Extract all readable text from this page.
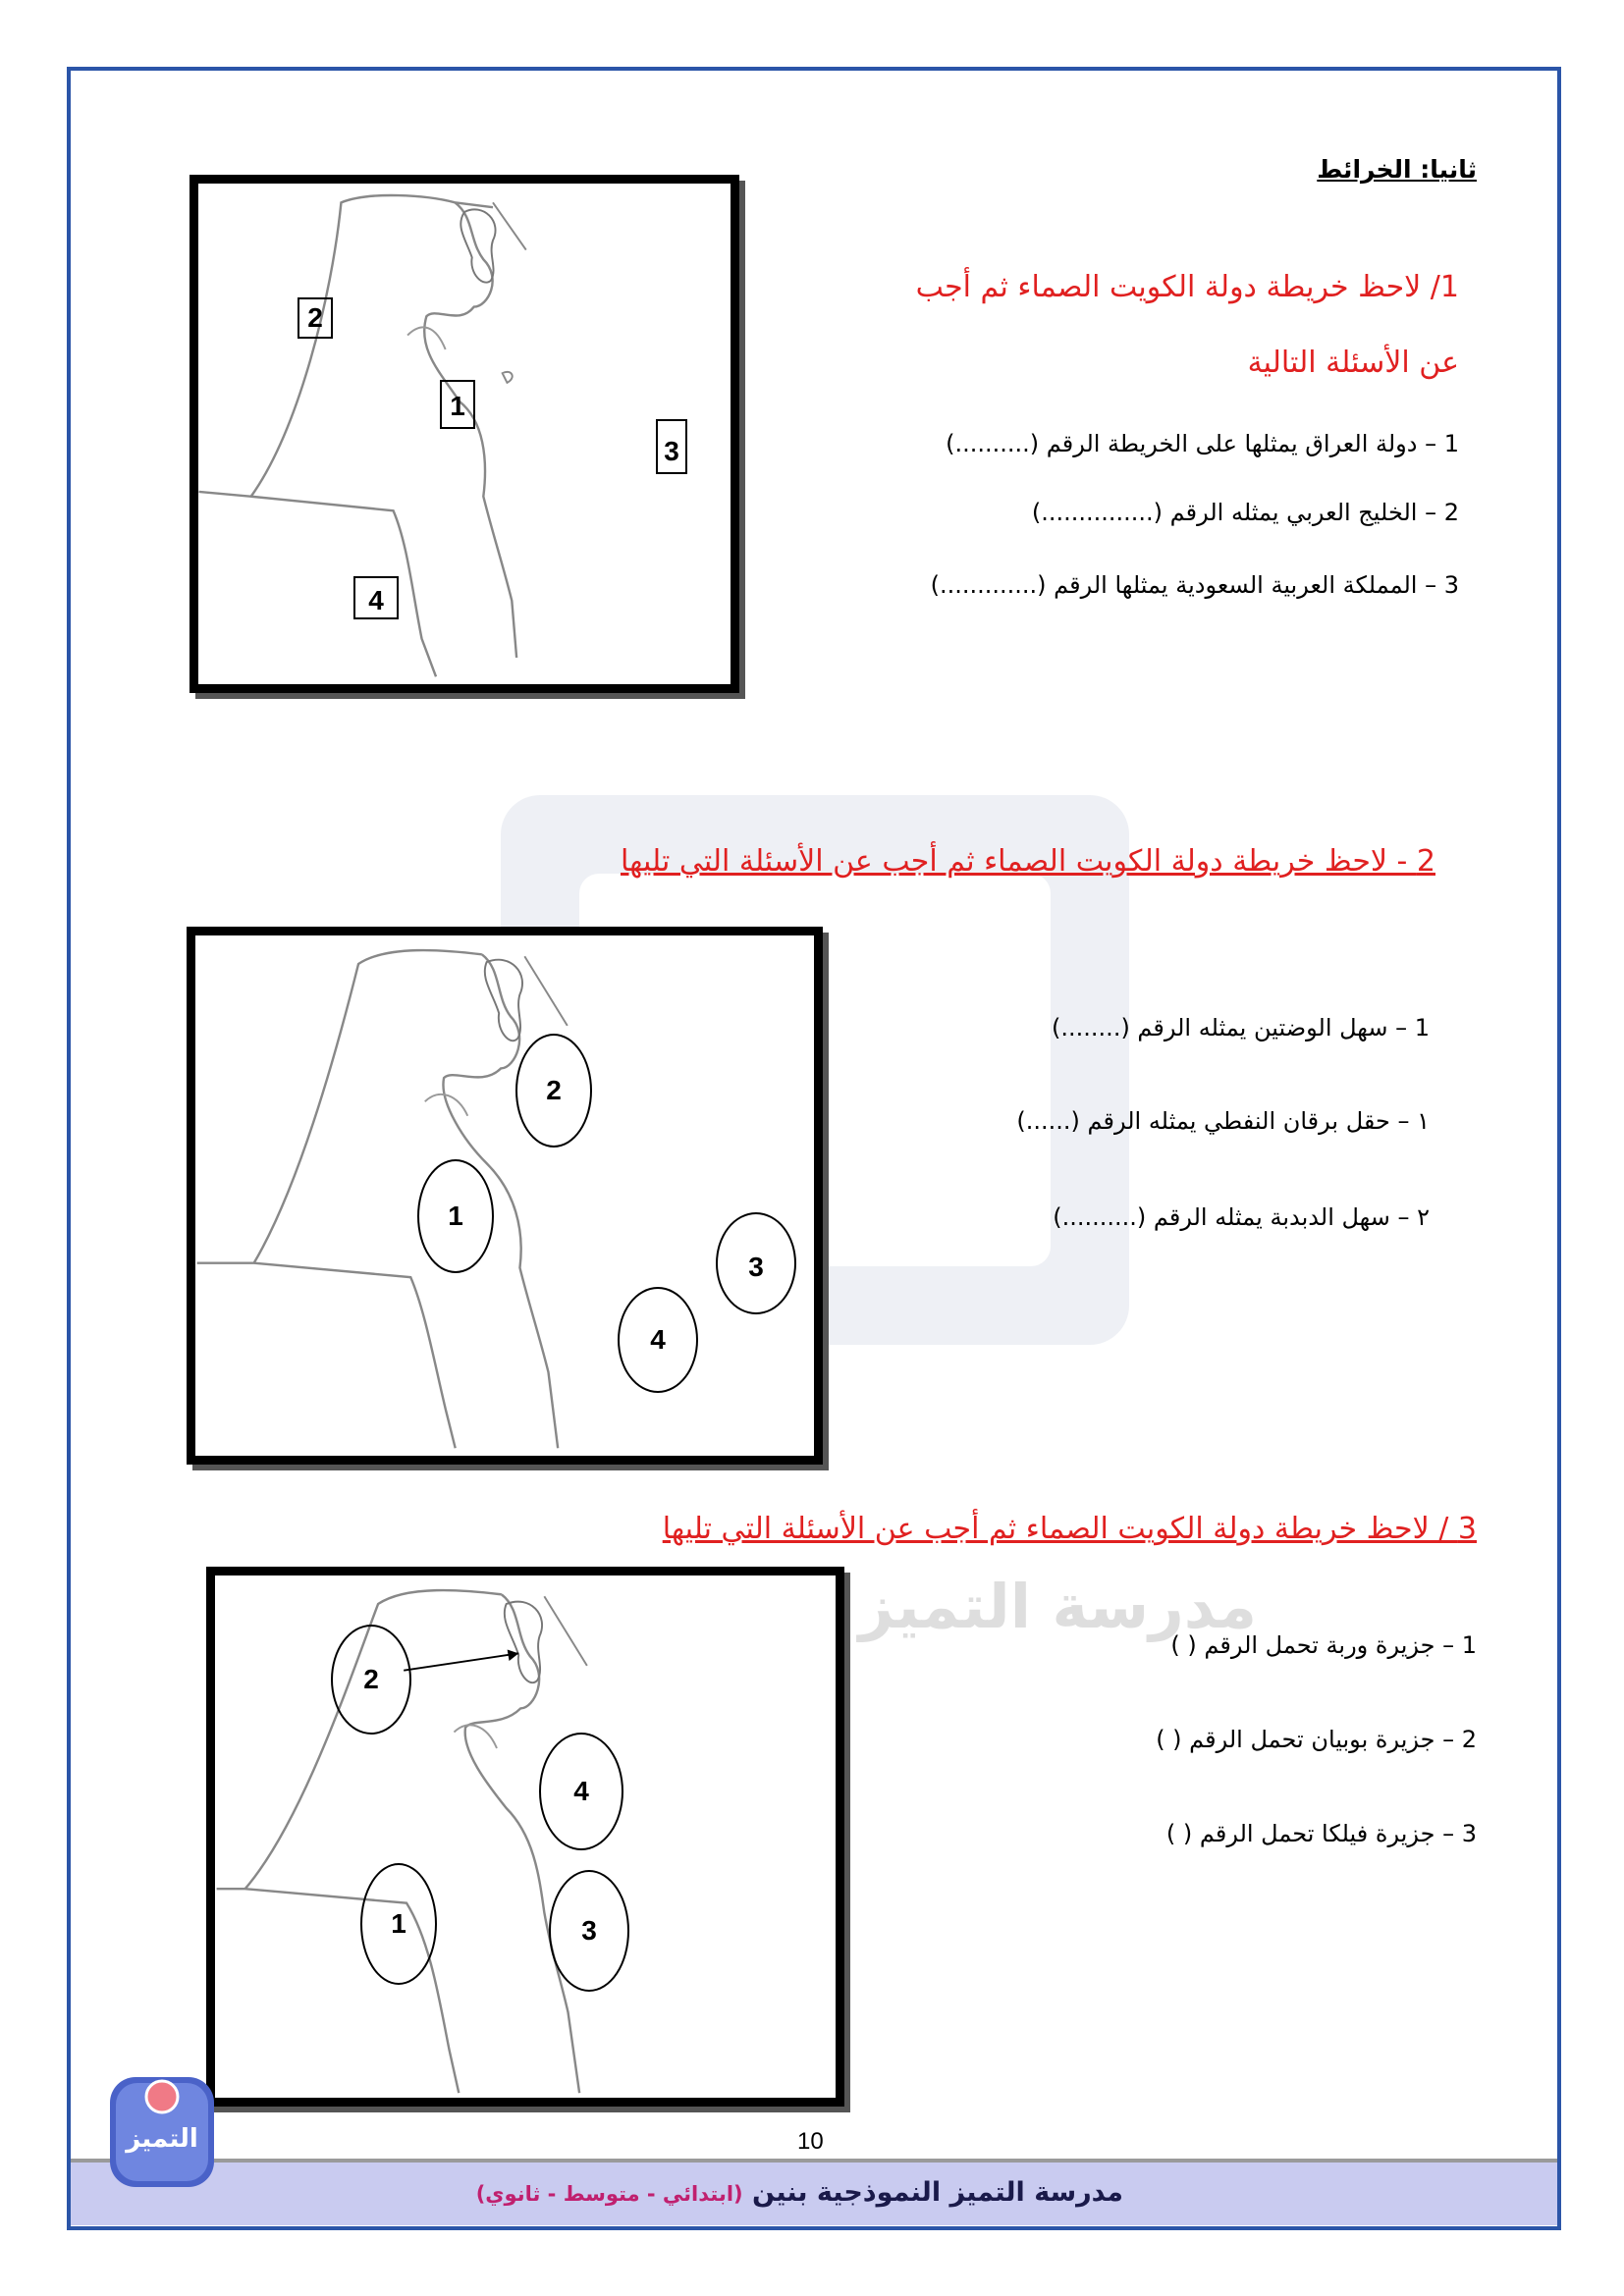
مدرسة التميز
ثانيا: الخرائط
1/ لاحظ خريطة دولة الكويت الصماء ثم أجب
عن الأسئلة التالية
1 – دولة العراق يمثلها على الخريطة الرقم (..........)
2 – الخليج العربي يمثله الرقم (...............)
3 – المملكة العربية السعودية يمثلها الرقم (.............)
2
1
3
4
2 - لاحظ خريطة دولة الكويت الصماء ثم أجب عن الأسئلة التي تليها
1 – سهل الوضتين يمثله الرقم (........)
١ – حقل برقان النفطي يمثله الرقم (......)
٢ – سهل الدبدبة يمثله الرقم (..........)
2
1
3
4
3 / لاحظ خريطة دولة الكويت الصماء ثم أجب عن الأسئلة التي تليها
1 – جزيرة وربة تحمل الرقم ( )
2 – جزيرة بوبيان تحمل الرقم ( )
3 – جزيرة فيلكا تحمل الرقم ( )
2
4
1	3
10
مدرسة التميز النموذجية بنين (ابتدائي - متوسط - ثانوي)
التميز
